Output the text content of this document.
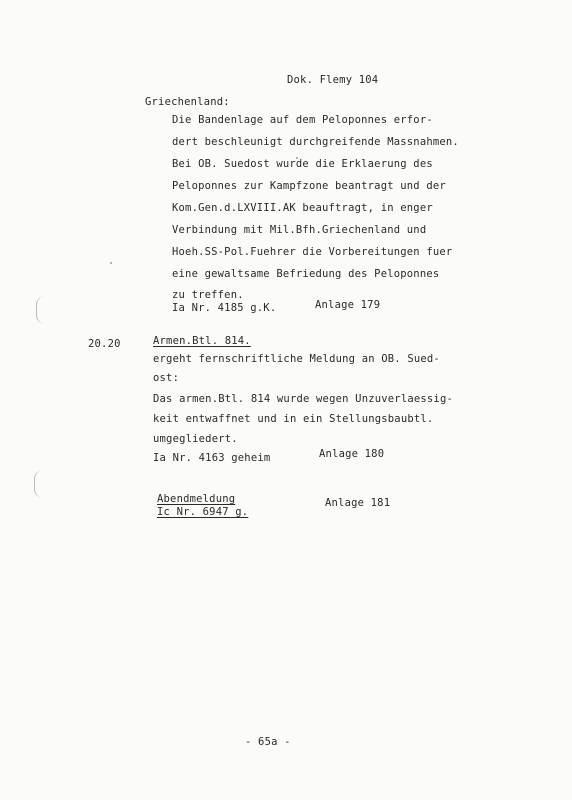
Dok. Flemy 104
Griechenland:
Die Bandenlage auf dem Peloponnes erfor-
dert beschleunigt durchgreifende Massnahmen.
Bei OB. Suedost wurde die Erklaerung des
Peloponnes zur Kampfzone beantragt und der
Kom.Gen.d.LXVIII.AK beauftragt, in enger
Verbindung mit Mil.Bfh.Griechenland und
Hoeh.SS-Pol.Fuehrer die Vorbereitungen fuer
eine gewaltsame Befriedung des Peloponnes
zu treffen.
Ia Nr. 4185 g.K.	Anlage 179
20.20	Armen.Btl. 814.
ergeht fernschriftliche Meldung an OB. Sued-
ost:
Das armen.Btl. 814 wurde wegen Unzuverlaessig-
keit entwaffnet und in ein Stellungsbaubtl.
umgegliedert.
Ia Nr. 4163 geheim	Anlage 180
Abendmeldung
Ic Nr. 6947 g.
Anlage 181
- 65a -
